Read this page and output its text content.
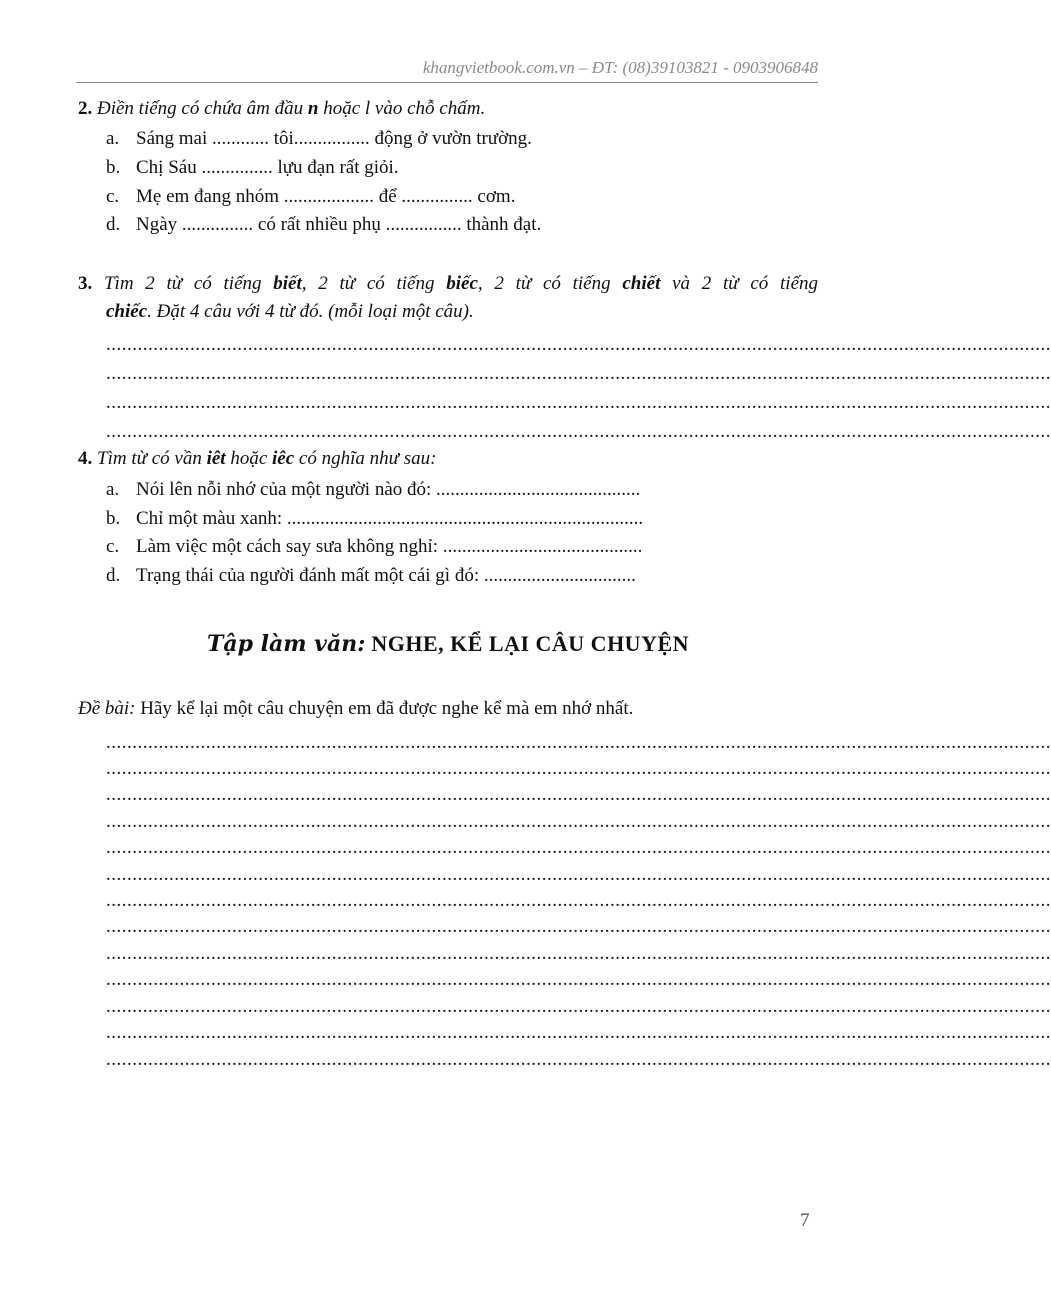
khangvietbook.com.vn – ĐT: (08)39103821 - 0903906848
2. Điền tiếng có chứa âm đầu n hoặc l vào chỗ chấm.
a. Sáng mai ............ tôi................ động ở vườn trường.
b. Chị Sáu ............... lựu đạn rất giỏi.
c. Mẹ em đang nhóm ................... để ............... cơm.
d. Ngày ............... có rất nhiều phụ ................ thành đạt.
3. Tìm 2 từ có tiếng biết, 2 từ có tiếng biếc, 2 từ có tiếng chiết và 2 từ có tiếng
chiếc. Đặt 4 câu với 4 từ đó. (mỗi loại một câu).
....................................................................................................................................................................................
....................................................................................................................................................................................
....................................................................................................................................................................................
....................................................................................................................................................................................
4. Tìm từ có vần iêt hoặc iêc có nghĩa như sau:
a. Nói lên nỗi nhớ của một người nào đó: ...........................................
b. Chỉ một màu xanh: ...........................................................................
c. Làm việc một cách say sưa không nghỉ: ..........................................
d. Trạng thái của người đánh mất một cái gì đó: ................................
Tập làm văn: NGHE, KỂ LẠI CÂU CHUYỆN
Đề bài: Hãy kể lại một câu chuyện em đã được nghe kể mà em nhớ nhất.
....................................................................................................................................................................................
....................................................................................................................................................................................
....................................................................................................................................................................................
....................................................................................................................................................................................
....................................................................................................................................................................................
....................................................................................................................................................................................
....................................................................................................................................................................................
....................................................................................................................................................................................
....................................................................................................................................................................................
....................................................................................................................................................................................
....................................................................................................................................................................................
....................................................................................................................................................................................
....................................................................................................................................................................................
7
